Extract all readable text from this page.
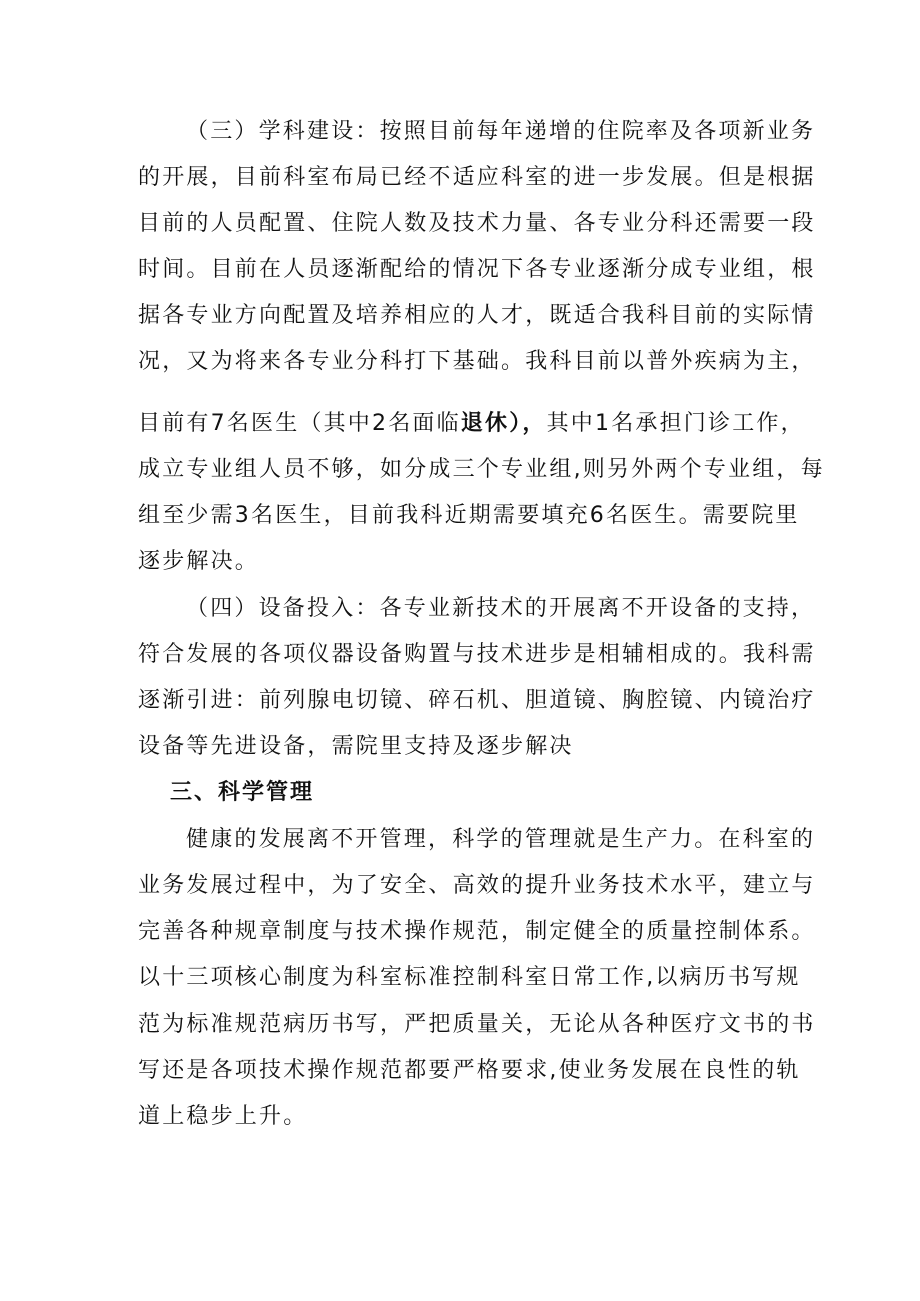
（三）学科建设：按照目前每年递增的住院率及各项新业务
的开展，目前科室布局已经不适应科室的进一步发展。但是根据
目前的人员配置、住院人数及技术力量、各专业分科还需要一段
时间。目前在人员逐渐配给的情况下各专业逐渐分成专业组，根
据各专业方向配置及培养相应的人才，既适合我科目前的实际情
况，又为将来各专业分科打下基础。我科目前以普外疾病为主，
目前有7名医生（其中2名面临退休），其中1名承担门诊工作，
成立专业组人员不够，如分成三个专业组,则另外两个专业组，每
组至少需3名医生，目前我科近期需要填充6名医生。需要院里
逐步解决。
（四）设备投入：各专业新技术的开展离不开设备的支持，
符合发展的各项仪器设备购置与技术进步是相辅相成的。我科需
逐渐引进：前列腺电切镜、碎石机、胆道镜、胸腔镜、内镜治疗
设备等先进设备，需院里支持及逐步解决
三、科学管理
健康的发展离不开管理，科学的管理就是生产力。在科室的
业务发展过程中，为了安全、高效的提升业务技术水平，建立与
完善各种规章制度与技术操作规范，制定健全的质量控制体系。
以十三项核心制度为科室标准控制科室日常工作,以病历书写规
范为标准规范病历书写，严把质量关，无论从各种医疗文书的书
写还是各项技术操作规范都要严格要求,使业务发展在良性的轨
道上稳步上升。
